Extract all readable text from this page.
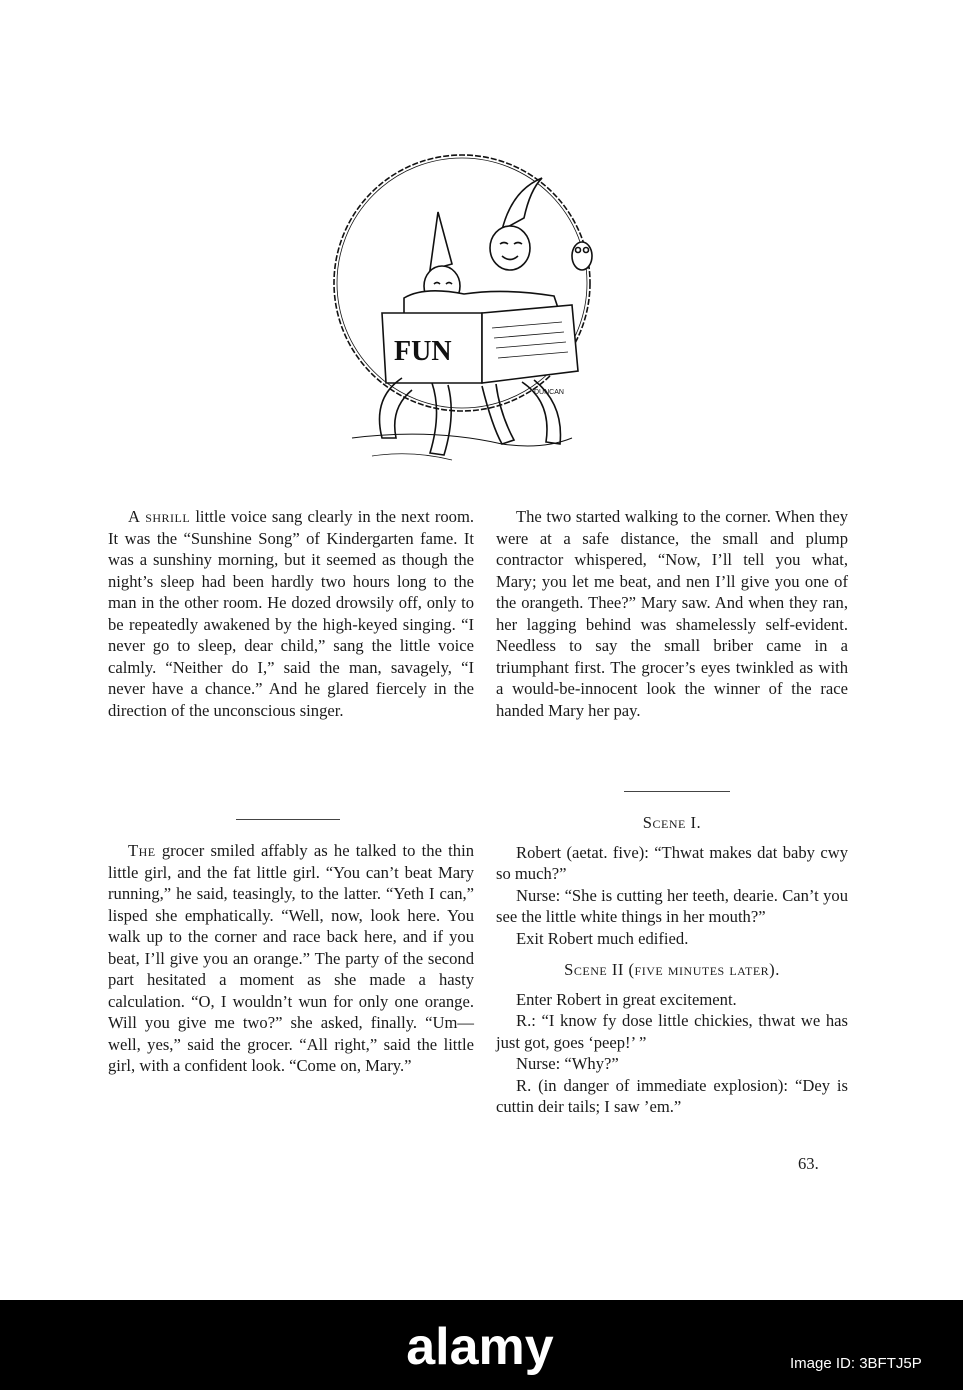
FUN
DUNCAN

A shrill little voice sang clearly in the next room. It was the “Sunshine Song” of Kindergarten fame. It was a sunshiny morning, but it seemed as though the night’s sleep had been hardly two hours long to the man in the other room. He dozed drowsily off, only to be repeatedly awakened by the high-keyed singing. “I never go to sleep, dear child,” sang the little voice calmly. “Neither do I,” said the man, savagely, “I never have a chance.” And he glared fiercely in the direction of the unconscious singer.

The grocer smiled affably as he talked to the thin little girl, and the fat little girl. “You can’t beat Mary running,” he said, teasingly, to the latter. “Yeth I can,” lisped she emphatically. “Well, now, look here. You walk up to the corner and race back here, and if you beat, I’ll give you an orange.” The party of the second part hesitated a moment as she made a hasty calculation. “O, I wouldn’t wun for only one orange. Will you give me two?” she asked, finally. “Um—well, yes,” said the grocer. “All right,” said the little girl, with a confident look. “Come on, Mary.”

The two started walking to the corner. When they were at a safe distance, the small and plump contractor whispered, “Now, I’ll tell you what, Mary; you let me beat, and nen I’ll give you one of the orangeth. Thee?” Mary saw. And when they ran, her lagging behind was shamelessly self-evident. Needless to say the small briber came in a triumphant first. The grocer’s eyes twinkled as with a would-be-innocent look the winner of the race handed Mary her pay.

Scene I.

Robert (aetat. five): “Thwat makes dat baby cwy so much?”

Nurse: “She is cutting her teeth, dearie. Can’t you see the little white things in her mouth?”

Exit Robert much edified.

Scene II (five minutes later).

Enter Robert in great excitement.

R.: “I know fy dose little chickies, thwat we has just got, goes ‘peep!’ ”

Nurse: “Why?”

R. (in danger of immediate explosion): “Dey is cuttin deir tails; I saw ’em.”

63.
alamy	Image ID: 3BFTJ5P
